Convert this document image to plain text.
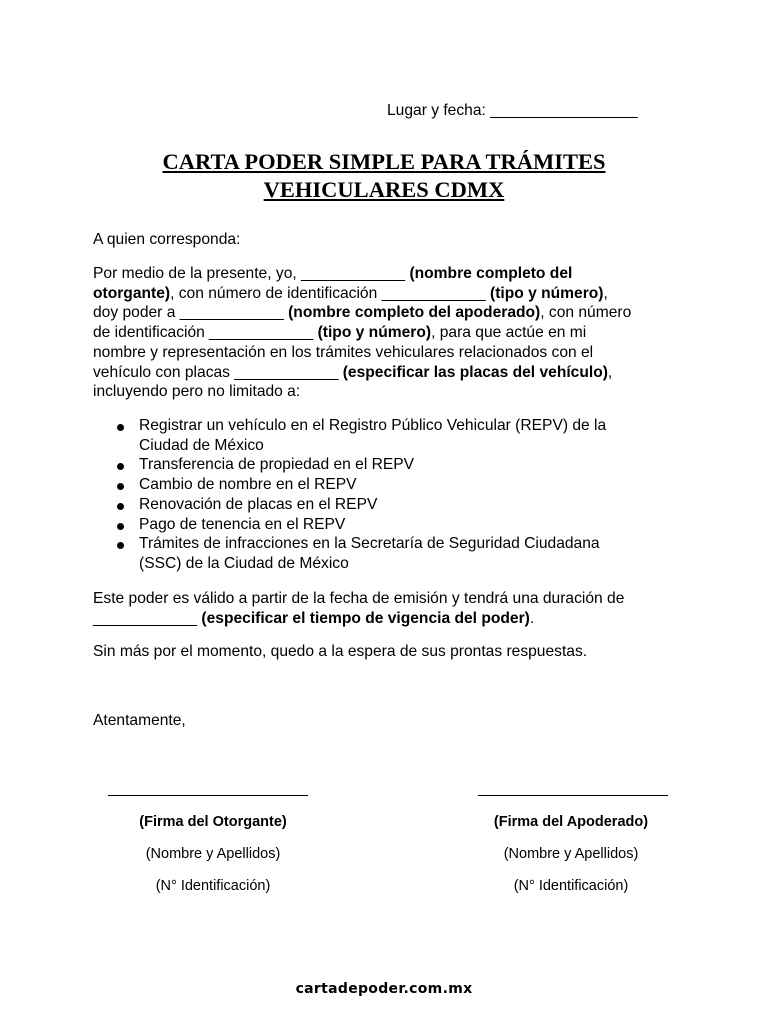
Lugar y fecha: _________________
CARTA PODER SIMPLE PARA TRÁMITES
VEHICULARES CDMX
A quien corresponda:
Por medio de la presente, yo, ____________ (nombre completo del
otorgante), con número de identificación ____________ (tipo y número),
doy poder a ____________ (nombre completo del apoderado), con número
de identificación ____________ (tipo y número), para que actúe en mi
nombre y representación en los trámites vehiculares relacionados con el
vehículo con placas ____________ (especificar las placas del vehículo),
incluyendo pero no limitado a:
Registrar un vehículo en el Registro Público Vehicular (REPV) de la
Ciudad de México
Transferencia de propiedad en el REPV
Cambio de nombre en el REPV
Renovación de placas en el REPV
Pago de tenencia en el REPV
Trámites de infracciones en la Secretaría de Seguridad Ciudadana
(SSC) de la Ciudad de México
Este poder es válido a partir de la fecha de emisión y tendrá una duración de
____________ (especificar el tiempo de vigencia del poder).
Sin más por el momento, quedo a la espera de sus prontas respuestas.
Atentamente,
(Firma del Otorgante)
(Nombre y Apellidos)
(N° Identificación)
(Firma del Apoderado)
(Nombre y Apellidos)
(N° Identificación)
cartadepoder.com.mx
